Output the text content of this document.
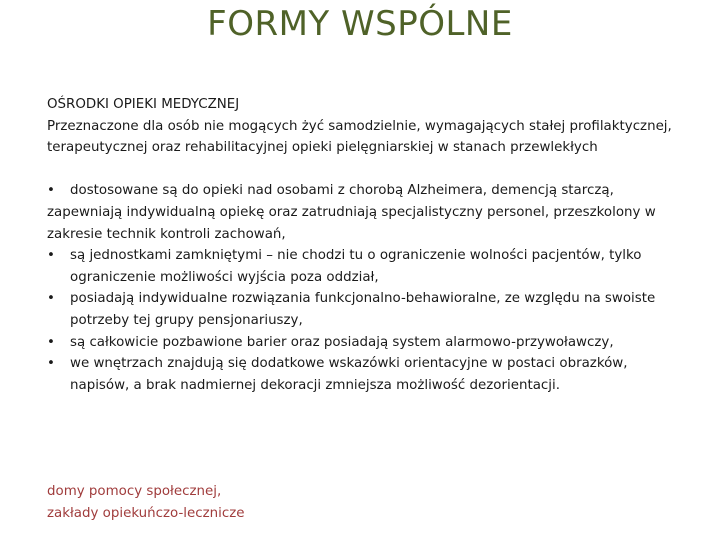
FORMY WSPÓLNE

OŚRODKI OPIEKI MEDYCZNEJ

Przeznaczone dla osób nie mogących żyć samodzielnie, wymagających stałej profilaktycznej, terapeutycznej oraz rehabilitacyjnej opieki pielęgniarskiej w stanach przewlekłych

• dostosowane są do opieki nad osobami z chorobą Alzheimera, demencją starczą, zapewniają indywidualną opiekę oraz zatrudniają specjalistyczny personel, przeszkolony w zakresie technik kontroli zachowań,
• są jednostkami zamkniętymi – nie chodzi tu o ograniczenie wolności pacjentów, tylko ograniczenie możliwości wyjścia poza oddział,
• posiadają indywidualne rozwiązania funkcjonalno-behawioralne, ze względu na swoiste potrzeby tej grupy pensjonariuszy,
• są całkowicie pozbawione barier oraz posiadają system alarmowo-przywoławczy,
• we wnętrzach znajdują się dodatkowe wskazówki orientacyjne w postaci obrazków, napisów, a brak nadmiernej dekoracji zmniejsza możliwość dezorientacji.
domy pomocy społecznej,
zakłady opiekuńczo-lecznicze
